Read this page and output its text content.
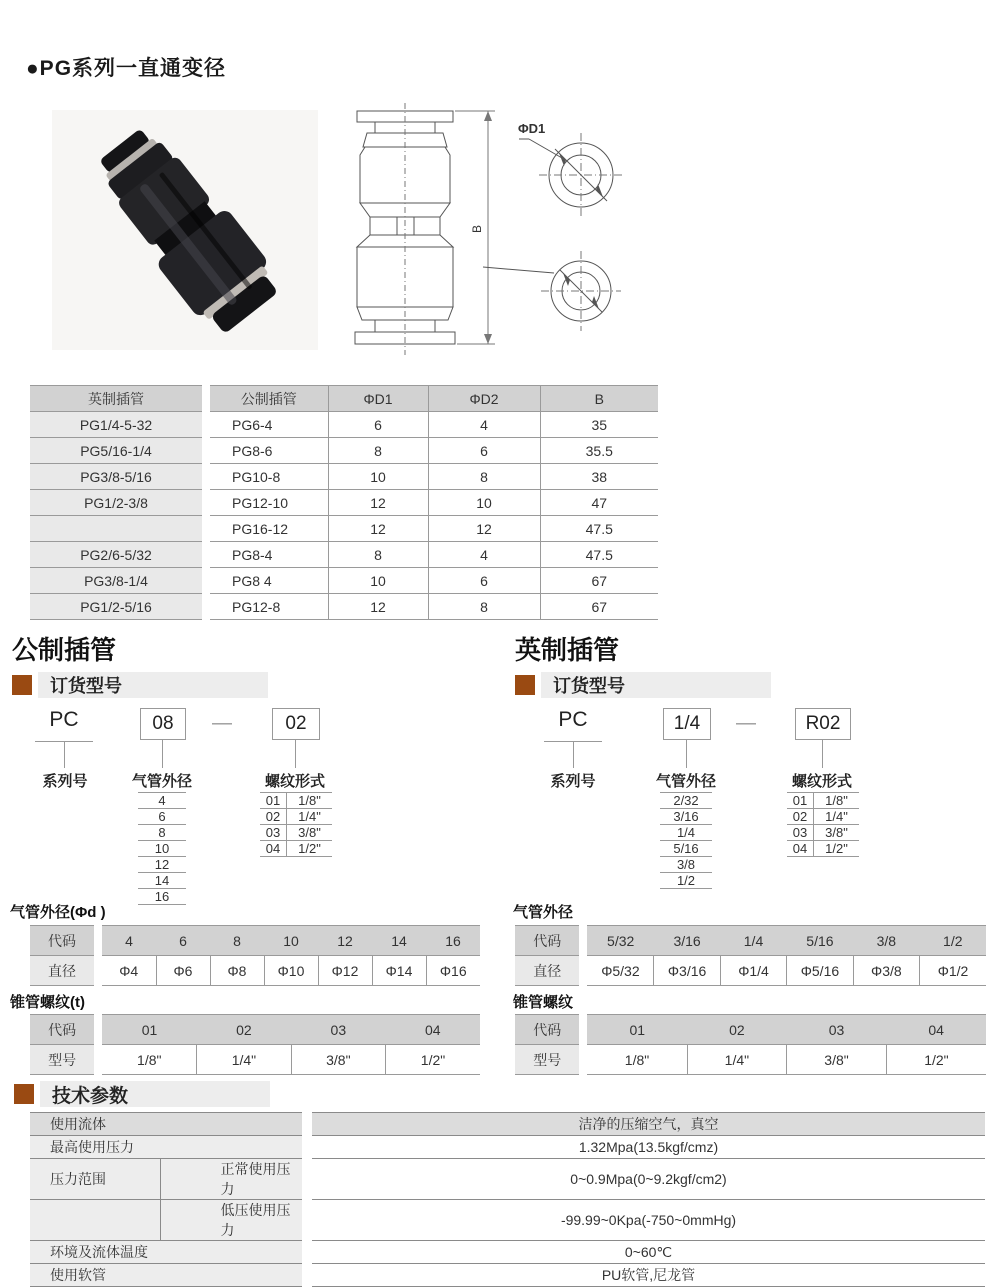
●PG系列一直通变径
ΦD1
B
英制插管		公制插管	ΦD1	ΦD2	B
PG1/4-5-32		PG6-4	6	4	35
PG5/16-1/4		PG8-6	8	6	35.5
PG3/8-5/16		PG10-8	10	8	38
PG1/2-3/8		PG12-10	12	10	47
		PG16-12	12	12	47.5
PG2/6-5/32		PG8-4	8	4	47.5
PG3/8-1/4		PG8 4	10	6	67
PG1/2-5/16		PG12-8	12	8	67
公制插管
订货型号
PC	08	—	02
系列号	气管外径	螺纹形式
4
6
8
10
12
14
16
01	1/8"
02	1/4"
03	3/8"
04	1/2"
气管外径(Φd )
代码		4	6	8	10	12	14	16
直径		Φ4	Φ6	Φ8	Φ10	Φ12	Φ14	Φ16
锥管螺纹(t)
代码		01	02	03	04
型号		1/8"	1/4"	3/8"	1/2"
英制插管
订货型号
PC	1/4	—	R02
系列号	气管外径	螺纹形式
2/32
3/16
1/4
5/16
3/8
1/2
01	1/8"
02	1/4"
03	3/8"
04	1/2"
气管外径
代码		5/32	3/16	1/4	5/16	3/8	1/2
直径		Φ5/32	Φ3/16	Φ1/4	Φ5/16	Φ3/8	Φ1/2
锥管螺纹
代码		01	02	03	04
型号		1/8"	1/4"	3/8"	1/2"
技术参数
使用流体			洁净的压缩空气，真空
最高使用压力			1.32Mpa(13.5kgf/cmz)
压力范围	正常使用压力		0~0.9Mpa(0~9.2kgf/cm2)
	低压使用压力		-99.99~0Kpa(-750~0mmHg)
环境及流体温度			0~60℃
使用软管			PU软管,尼龙管
